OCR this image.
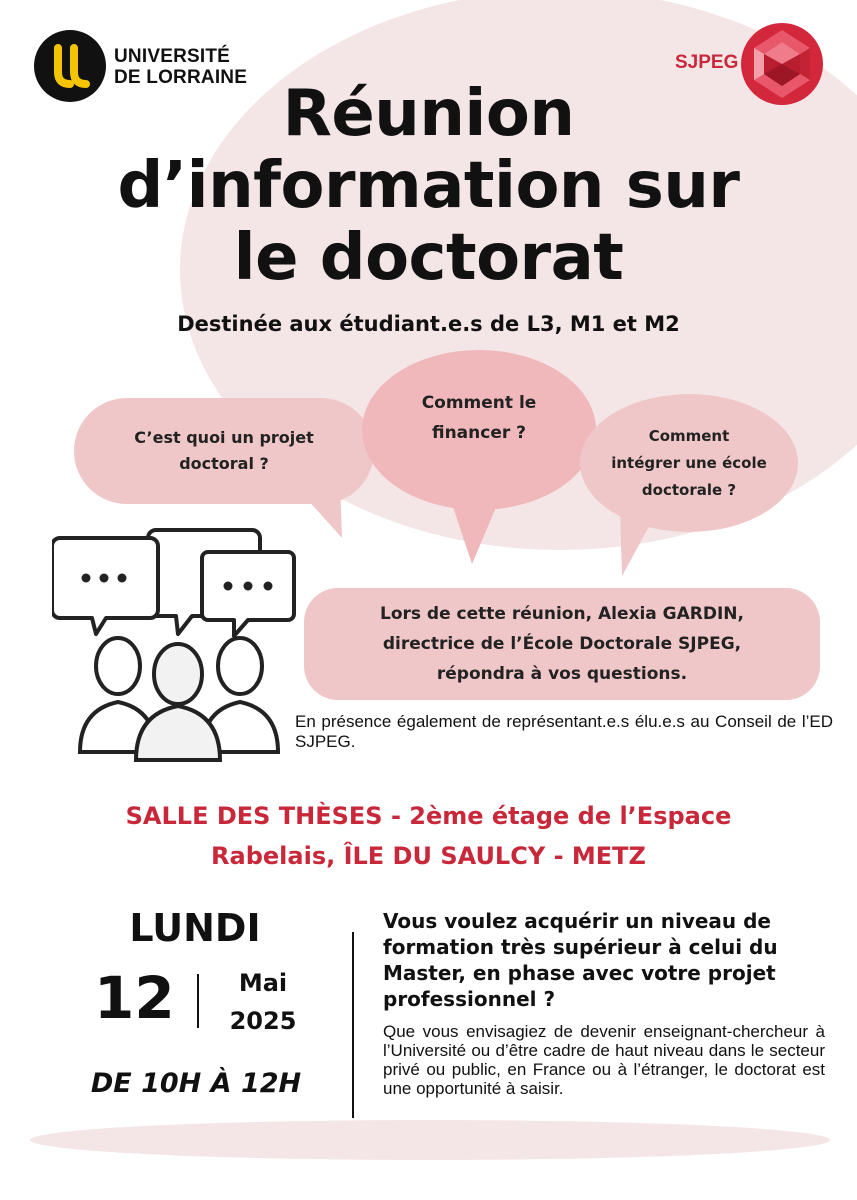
UNIVERSITÉ
DE LORRAINE
SJPEG
Réunion
d’information sur
le doctorat
Destinée aux étudiant.e.s de L3, M1 et M2
C’est quoi un projet
doctoral ?
Comment le
financer ?	Comment
intégrer une école
doctorale ?
Lors de cette réunion, Alexia GARDIN,
directrice de l’École Doctorale SJPEG,
répondra à vos questions.
En présence également de représentant.e.s élu.e.s au Conseil de l’ED SJPEG.
SALLE DES THÈSES - 2ème étage de l’Espace
Rabelais, ÎLE DU SAULCY - METZ
LUNDI
12	Mai
2025
DE 10H À 12H
Vous voulez acquérir un niveau de formation très supérieur à celui du Master, en phase avec votre projet professionnel ?
Que vous envisagiez de devenir enseignant-chercheur à l’Université ou d’être cadre de haut niveau dans le secteur privé ou public, en France ou à l’étranger, le doctorat est une opportunité à saisir.
